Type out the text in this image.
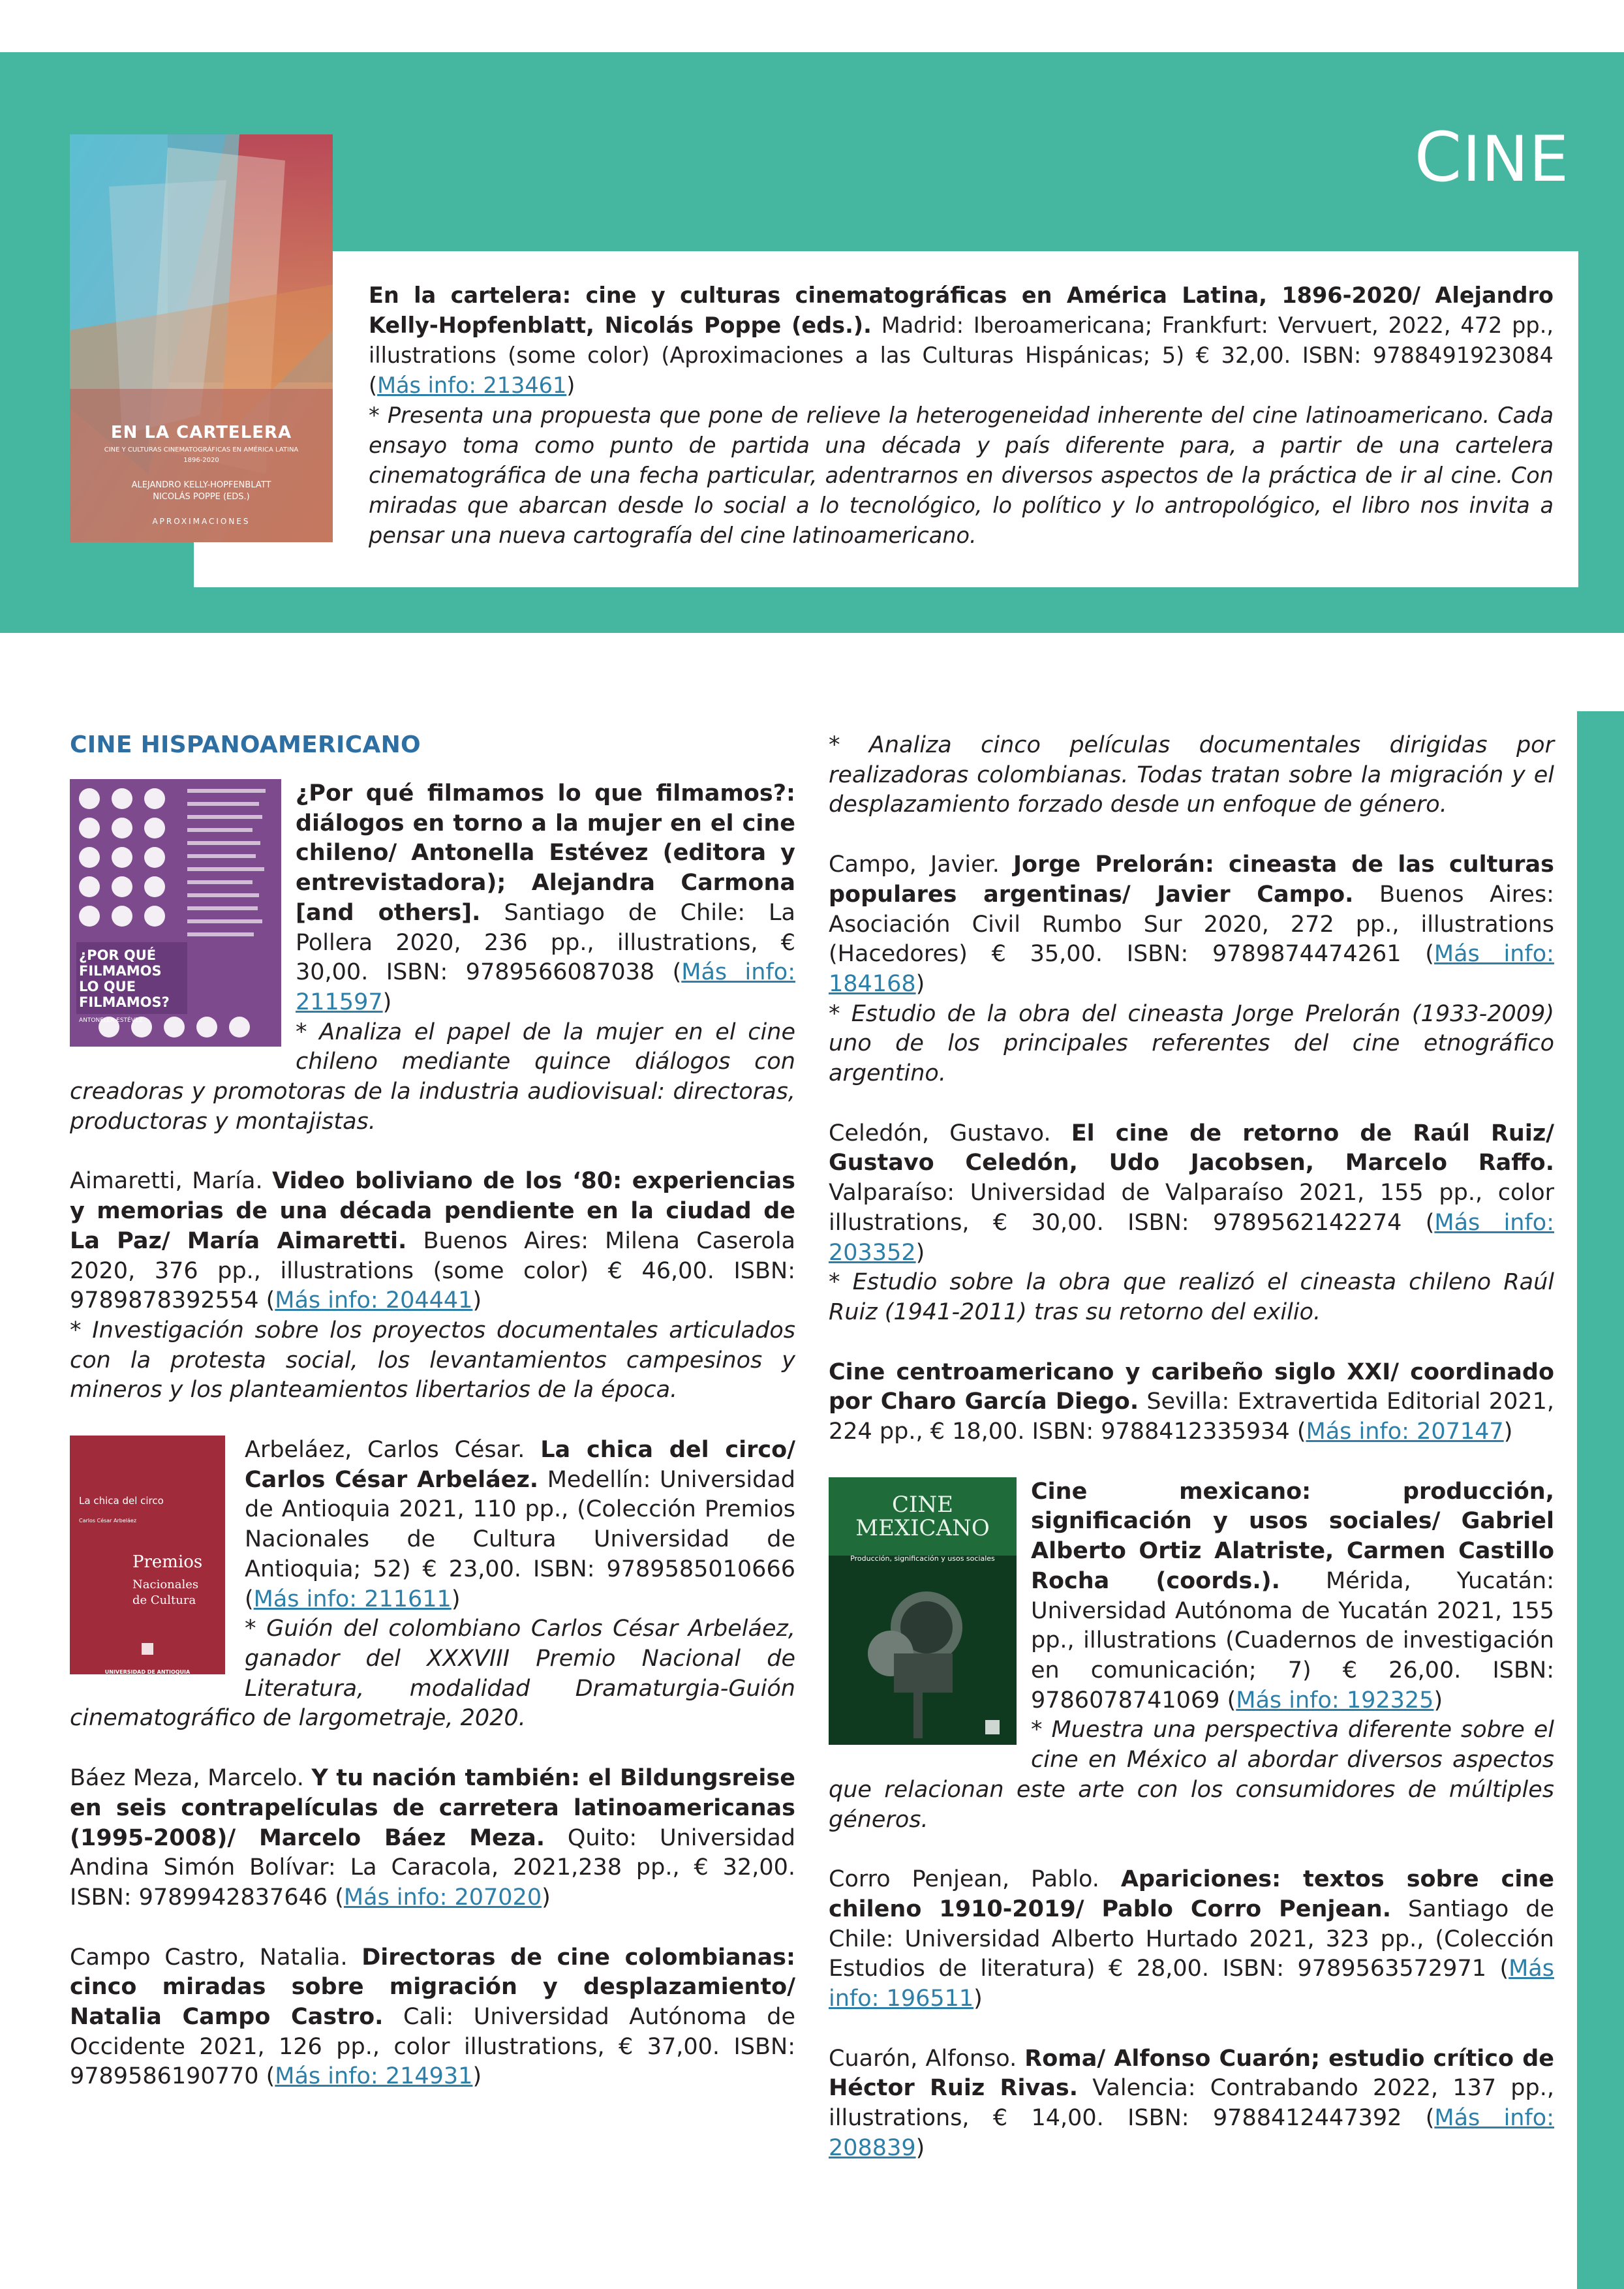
CINE
EN LA CARTELERA
CINE Y CULTURAS CINEMATOGRÁFICAS EN AMÉRICA LATINA
1896-2020
ALEJANDRO KELLY-HOPFENBLATT
NICOLÁS POPPE (EDS.)
APROXIMACIONES
En la cartelera: cine y culturas cinematográficas en América Latina, 1896-2020/ Alejandro Kelly-Hopfenblatt, Nicolás Poppe (eds.). Madrid: Iberoamericana; Frankfurt: Vervuert, 2022, 472 pp., illustrations (some color) (Aproximaciones a las Culturas Hispánicas; 5) € 32,00. ISBN: 9788491923084 (Más info: 213461)
* Presenta una propuesta que pone de relieve la heterogeneidad inherente del cine latinoamericano. Cada ensayo toma como punto de partida una década y país diferente para, a partir de una cartelera cinematográfica de una fecha particular, adentrarnos en diversos aspectos de la práctica de ir al cine. Con miradas que abarcan desde lo social a lo tecnológico, lo político y lo antropológico, el libro nos invita a pensar una nueva cartografía del cine latinoamericano.
CINE HISPANOAMERICANO
¿POR QUÉ FILMAMOS LO QUE FILMAMOS?
ANTONELLA ESTÉVEZ
¿Por qué filmamos lo que filmamos?: diálogos en torno a la mujer en el cine chileno/ Antonella Estévez (editora y entrevistadora); Alejandra Carmona [and others]. Santiago de Chile: La Pollera 2020, 236 pp., illustrations, € 30,00. ISBN: 9789566087038 (Más info: 211597)
* Analiza el papel de la mujer en el cine chileno mediante quince diálogos con creadoras y promotoras de la industria audiovisual: directoras, productoras y montajistas.
Aimaretti, María. Video boliviano de los ‘80: experiencias y memorias de una década pendiente en la ciudad de La Paz/ María Aimaretti. Buenos Aires: Milena Caserola 2020, 376 pp., illustrations (some color) € 46,00. ISBN: 9789878392554 (Más info: 204441)
* Investigación sobre los proyectos documentales articulados con la protesta social, los levantamientos campesinos y mineros y los planteamientos libertarios de la época.
La chica del circo
Carlos César Arbeláez
Premios
Nacionales
de Cultura
UNIVERSIDAD DE ANTIOQUIA
Arbeláez, Carlos César. La chica del circo/ Carlos César Arbeláez. Medellín: Universidad de Antioquia 2021, 110 pp., (Colección Premios Nacionales de Cultura Universidad de Antioquia; 52) € 23,00. ISBN: 9789585010666 (Más info: 211611)
* Guión del colombiano Carlos César Arbeláez, ganador del XXXVIII Premio Nacional de Literatura, modalidad Dramaturgia-Guión cinematográfico de largometraje, 2020.
Báez Meza, Marcelo. Y tu nación también: el Bildungsreise en seis contrapelículas de carretera latinoamericanas (1995-2008)/ Marcelo Báez Meza. Quito: Universidad Andina Simón Bolívar: La Caracola, 2021,238 pp., € 32,00. ISBN: 9789942837646 (Más info: 207020)
Campo Castro, Natalia. Directoras de cine colombianas: cinco miradas sobre migración y desplazamiento/ Natalia Campo Castro. Cali: Universidad Autónoma de Occidente 2021, 126 pp., color illustrations, € 37,00. ISBN: 9789586190770 (Más info: 214931)
* Analiza cinco películas documentales dirigidas por realizadoras colombianas. Todas tratan sobre la migración y el desplazamiento forzado desde un enfoque de género.
Campo, Javier. Jorge Prelorán: cineasta de las culturas populares argentinas/ Javier Campo. Buenos Aires: Asociación Civil Rumbo Sur 2020, 272 pp., illustrations (Hacedores) € 35,00. ISBN: 9789874474261 (Más info: 184168)
* Estudio de la obra del cineasta Jorge Prelorán (1933-2009) uno de los principales referentes del cine etnográfico argentino.
Celedón, Gustavo. El cine de retorno de Raúl Ruiz/ Gustavo Celedón, Udo Jacobsen, Marcelo Raffo. Valparaíso: Universidad de Valparaíso 2021, 155 pp., color illustrations, € 30,00. ISBN: 9789562142274 (Más info: 203352)
* Estudio sobre la obra que realizó el cineasta chileno Raúl Ruiz (1941-2011) tras su retorno del exilio.
Cine centroamericano y caribeño siglo XXI/ coordinado por Charo García Diego. Sevilla: Extravertida Editorial 2021, 224 pp., € 18,00. ISBN: 9788412335934 (Más info: 207147)
CINE MEXICANO
Producción, significación y usos sociales
UADY
Cine mexicano: producción, significación y usos sociales/ Gabriel Alberto Ortiz Alatriste, Carmen Castillo Rocha (coords.). Mérida, Yucatán: Universidad Autónoma de Yucatán 2021, 155 pp., illustrations (Cuadernos de investigación en comunicación; 7) € 26,00. ISBN: 9786078741069 (Más info: 192325)
* Muestra una perspectiva diferente sobre el cine en México al abordar diversos aspectos que relacionan este arte con los consumidores de múltiples géneros.
Corro Penjean, Pablo. Apariciones: textos sobre cine chileno 1910-2019/ Pablo Corro Penjean. Santiago de Chile: Universidad Alberto Hurtado 2021, 323 pp., (Colección Estudios de literatura) € 28,00. ISBN: 9789563572971 (Más info: 196511)
Cuarón, Alfonso. Roma/ Alfonso Cuarón; estudio crítico de Héctor Ruiz Rivas. Valencia: Contrabando 2022, 137 pp., illustrations, € 14,00. ISBN: 9788412447392 (Más info: 208839)
